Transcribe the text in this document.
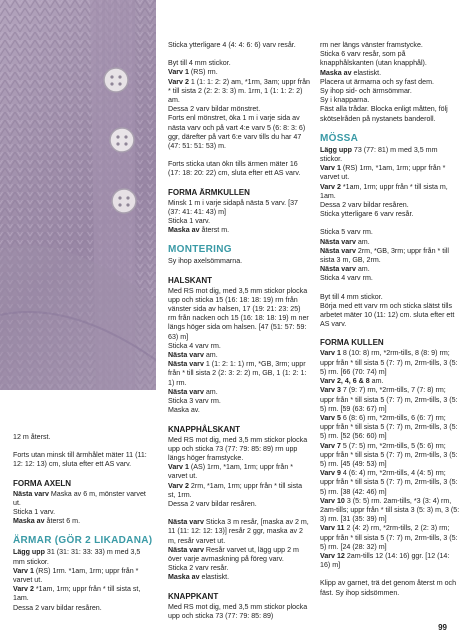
12 m återst.

Forts utan minsk till ärmhålet mäter 11 (11: 12: 12: 13) cm, sluta efter ett AS varv.

FORMA AXELN

Nästa varv Maska av 6 m, mönster varvet ut.

Sticka 1 varv.

Maska av återst 6 m.

ÄRMAR (GÖR 2 LIKADANA)

Lägg upp 31 (31: 31: 33: 33) m med 3,5 mm stickor.

Varv 1 (RS) 1rm. *1am, 1rm; uppr från * varvet ut.

Varv 2 *1am, 1rm; uppr från * till sista st, 1am.

Dessa 2 varv bildar resåren.

Sticka ytterligare 4 (4: 4: 6: 6) varv resår.

Byt till 4 mm stickor.

Varv 1 (RS) rm.

Varv 2 1 (1: 1: 2: 2) am, *1rm, 3am; uppr från * till sista 2 (2: 2: 3: 3) m. 1rm, 1 (1: 1: 2: 2) am.

Dessa 2 varv bildar mönstret.

Forts enl mönstret, öka 1 m i varje sida av nästa varv och på vart 4:e varv 5 (6: 8: 3: 6) ggr, därefter på vart 6:e varv tills du har 47 (47: 51: 51: 53) m.

Forts sticka utan ökn tills ärmen mäter 16 (17: 18: 20: 22) cm, sluta efter ett AS varv.

FORMA ÄRMKULLEN

Minsk 1 m i varje sidapå nästa 5 varv. [37 (37: 41: 41: 43) m]

Sticka 1 varv.

Maska av återst m.

MONTERING

Sy ihop axelsömmarna.

HALSKANT

Med RS mot dig, med 3,5 mm stickor plocka upp och sticka 15 (16: 18: 18: 19) rm från vänster sida av halsen, 17 (19: 21: 23: 25) rm från nacken och 15 (16: 18: 18: 19) m ner längs höger sida om halsen. [47 (51: 57: 59: 63) m]

Sticka 4 varv rm.

Nästa varv am.

Nästa varv 1 (1: 2: 1: 1) rm, *GB, 3rm; uppr från * till sista 2 (2: 3: 2: 2) m, GB, 1 (1: 2: 1: 1) rm.

Nästa varv am.

Sticka 3 varv rm.

Maska av.

KNAPPHÅLSKANT

Med RS mot dig, med 3,5 mm stickor plocka upp och sticka 73 (77: 79: 85: 89) rm upp längs höger framstycke.

Varv 1 (AS) 1rm, *1am, 1rm; uppr från * varvet ut.

Varv 2 2rm, *1am, 1rm; uppr från * till sista st, 1rm.

Dessa 2 varv bildar resåren.

Nästa varv Sticka 3 m resår, [maska av 2 m, 11 (11: 12: 12: 13)] resår 2 ggr, maska av 2 m, resår varvet ut.

Nästa varv Resår varvet ut, lägg upp 2 m över varje avmaskning på föreg varv.

Sticka 2 varv resår.

Maska av elastiskt.

KNAPPKANT

Med RS mot dig, med 3,5 mm stickor plocka upp och sticka 73 (77: 79: 85: 89)

rm ner längs vänster framstycke.

Sticka 6 varv resår, som på knapphålskanten (utan knapphål).

Maska av elastiskt.

Placera ut ärmarna och sy fast dem.

Sy ihop sid- och ärmsömmar.

Sy i knapparna.

Fäst alla trådar. Blocka enligt måtten, följ skötselråden på nystanets banderoll.

MÖSSA

Lägg upp 73 (77: 81) m med 3,5 mm stickor.

Varv 1 (RS) 1rm, *1am, 1rm; uppr från * varvet ut.

Varv 2 *1am, 1rm; uppr från * till sista m, 1am.

Dessa 2 varv bildar resåren.

Sticka ytterligare 6 varv resår.

Sticka 5 varv rm.

Nästa varv am.

Nästa varv 2rm, *GB, 3rm; uppr från * till sista 3 m, GB, 2rm.

Nästa varv am.

Sticka 4 varv rm.

Byt till 4 mm stickor.

Börja med ett varv rm och sticka slätst tills arbetet mäter 10 (11: 12) cm. sluta efter ett AS varv.

FORMA KULLEN

Varv 1 8 (10: 8) rm, *2rm-tills, 8 (8: 9) rm; uppr från * till sista 5 (7: 7) m, 2rm-tills, 3 (5: 5) rm. [66 (70: 74) m]

Varv 2, 4, 6 & 8 am.

Varv 3 7 (9: 7) rm, *2rm-tills, 7 (7: 8) rm; uppr från * till sista 5 (7: 7) m, 2rm-tills, 3 (5: 5) rm. [59 (63: 67) m]

Varv 5 6 (8: 6) rm, *2rm-tills, 6 (6: 7) rm; uppr från * till sista 5 (7: 7) m, 2rm-tills, 3 (5: 5) rm. [52 (56: 60) m]

Varv 7 5 (7: 5) rm, *2rm-tills, 5 (5: 6) rm; uppr från * till sista 5 (7: 7) m, 2rm-tills, 3 (5: 5) rm. [45 (49: 53) m]

Varv 9 4 (6: 4) rm, *2rm-tills, 4 (4: 5) rm; uppr från * till sista 5 (7: 7) m, 2rm-tills, 3 (5: 5) rm. [38 (42: 46) m]

Varv 10 3 (5: 5) rm. 2am-tills, *3 (3: 4) rm, 2am-tills; uppr från * till sista 3 (5: 3) m, 3 (5: 3) rm. [31 (35: 39) m]

Varv 11 2 (4: 2) rm, *2rm-tills, 2 (2: 3) rm; uppr från * till sista 5 (7: 7) m, 2rm-tills, 3 (5: 5) rm. [24 (28: 32) m]

Varv 12 2am-tills 12 (14: 16) ggr. [12 (14: 16) m]

Klipp av garnet, trä det genom återst m och fäst. Sy ihop sidsömmen.

99
